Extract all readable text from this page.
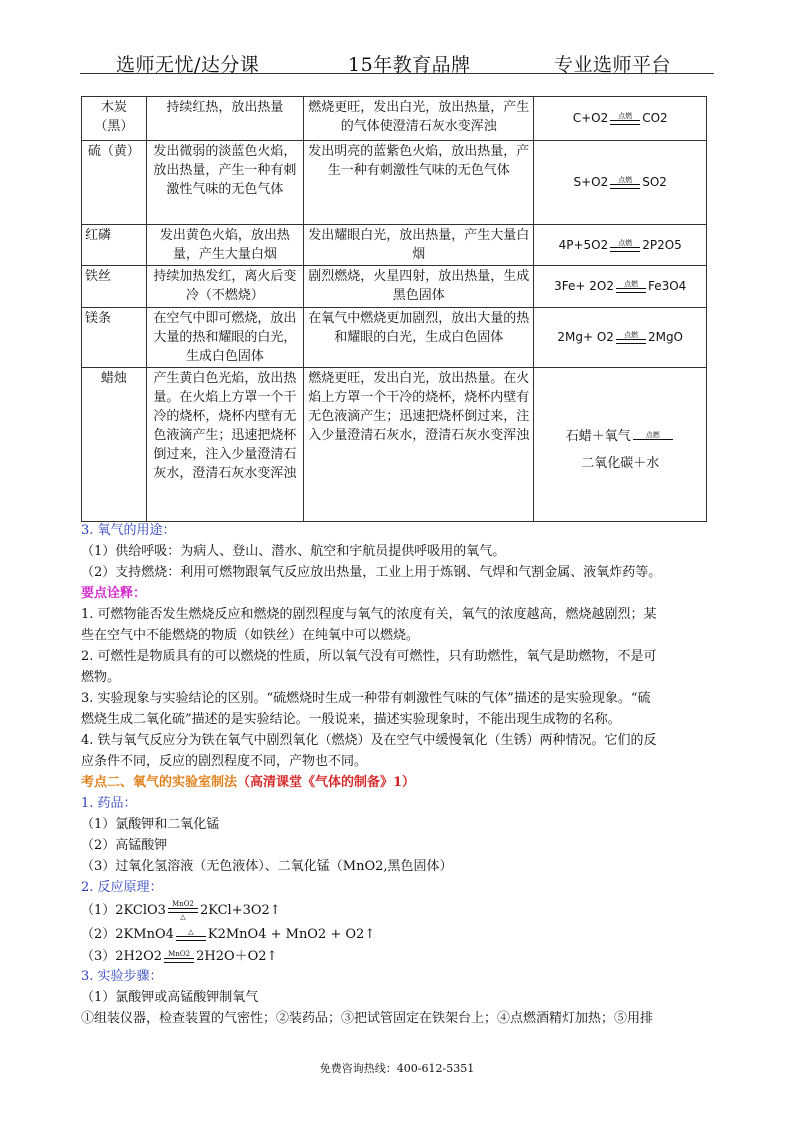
选师无忧/达分课	15年教育品牌	专业选师平台
木炭（黑）	持续红热，放出热量	燃烧更旺，发出白光，放出热量，产生的气体使澄清石灰水变浑浊	C+O2 点燃 CO2

硫（黄）	发出微弱的淡蓝色火焰，放出热量，产生一种有刺激性气味的无色气体	发出明亮的蓝紫色火焰，放出热量，产生一种有刺激性气味的无色气体	S+O2 点燃 SO2

红磷	发出黄色火焰，放出热量，产生大量白烟	发出耀眼白光，放出热量，产生大量白烟	4P+5O2 点燃 2P2O5

铁丝	持续加热发红，离火后变冷（不燃烧）	剧烈燃烧，火星四射，放出热量，生成黑色固体	3Fe+ 2O2 点燃 Fe3O4

镁条	在空气中即可燃烧，放出大量的热和耀眼的白光，生成白色固体	在氧气中燃烧更加剧烈，放出大量的热和耀眼的白光，生成白色固体	2Mg+ O2 点燃 2MgO

蜡烛	产生黄白色光焰，放出热量。在火焰上方罩一个干冷的烧杯，烧杯内壁有无色液滴产生；迅速把烧杯倒过来，注入少量澄清石灰水，澄清石灰水变浑浊	燃烧更旺，发出白光，放出热量。在火焰上方罩一个干冷的烧杯，烧杯内壁有无色液滴产生；迅速把烧杯倒过来，注入少量澄清石灰水，澄清石灰水变浑浊	石蜡＋氧气 点燃
二氧化碳＋水
3. 氧气的用途：
（1）供给呼吸：为病人、登山、潜水、航空和宇航员提供呼吸用的氧气。
（2）支持燃烧：利用可燃物跟氧气反应放出热量，工业上用于炼钢、气焊和气割金属、液氧炸药等。
要点诠释：
1. 可燃物能否发生燃烧反应和燃烧的剧烈程度与氧气的浓度有关，氧气的浓度越高，燃烧越剧烈；某
些在空气中不能燃烧的物质（如铁丝）在纯氧中可以燃烧。
2. 可燃性是物质具有的可以燃烧的性质，所以氧气没有可燃性，只有助燃性，氧气是助燃物，不是可
燃物。
3. 实验现象与实验结论的区别。“硫燃烧时生成一种带有刺激性气味的气体”描述的是实验现象。“硫
燃烧生成二氧化硫”描述的是实验结论。一般说来，描述实验现象时，不能出现生成物的名称。
4. 铁与氧气反应分为铁在氧气中剧烈氧化（燃烧）及在空气中缓慢氧化（生锈）两种情况。它们的反
应条件不同，反应的剧烈程度不同，产物也不同。
考点二、氧气的实验室制法（高清课堂《气体的制备》1）
1. 药品：
（1）氯酸钾和二氧化锰
（2）高锰酸钾
（3）过氧化氢溶液（无色液体）、二氧化锰（MnO2,黑色固体）
2. 反应原理：
（1）2KClO3 MnO2
△ 2KCl+3O2↑
（2）2KMnO4 △ K2MnO4 + MnO2 + O2↑
（3）2H2O2 MnO2 2H2O＋O2↑
3. 实验步骤：
（1）氯酸钾或高锰酸钾制氧气
①组装仪器，检查装置的气密性；②装药品；③把试管固定在铁架台上；④点燃酒精灯加热；⑤用排
免费咨询热线：400-612-5351
